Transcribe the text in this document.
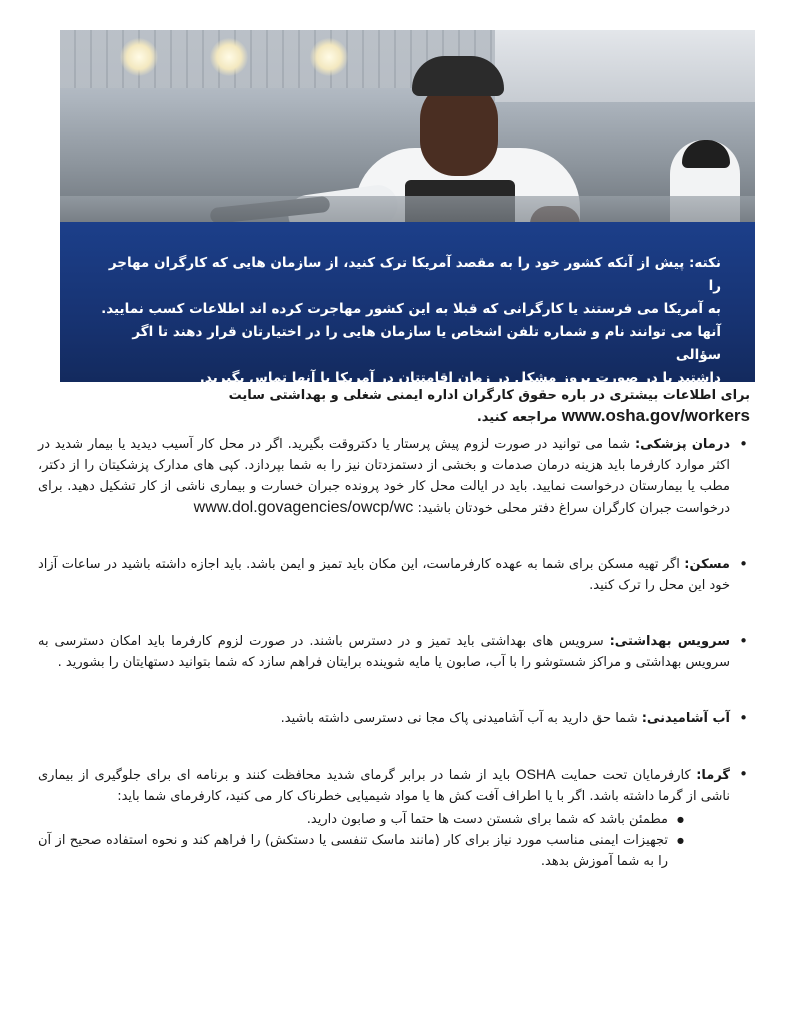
نکته: پیش از آنکه کشور خود را به مقصد آمریکا ترک کنید، از سازمان هایی که کارگران مهاجر را
به آمریکا می فرستند یا کارگرانی که قبلا به این کشور مهاجرت کرده اند اطلاعات کسب نمایید.
آنها می توانند نام و شماره تلفن اشخاص یا سازمان هایی را در اختیارتان قرار دهند تا اگر سؤالی
داشتید یا در صورت بروز مشکل در زمان اقامتتان در آمریکا با آنها تماس بگیرید.
برای اطلاعات بیشتری در باره حقوق کارگران اداره ایمنی شغلی و بهداشتی سایت www.osha.gov/workers مراجعه کنید.
• درمان پزشکی: شما می توانید در صورت لزوم پیش پرستار یا دکتروقت بگیرید. اگر در محل کار آسیب دیدید یا بیمار شدید در اکثر موارد کارفرما باید هزینه درمان صدمات و بخشی از دستمزدتان نیز را به شما بپردازد. کپی های مدارک پزشکیتان را از دکتر، مطب یا بیمارستان درخواست نمایید. باید در ایالت محل کار خود پرونده جبران خسارت و بیماری ناشی از کار تشکیل دهید. برای درخواست جبران کارگران سراغ دفتر محلی خودتان باشید: www.dol.govagencies/owcp/wc
• مسکن: اگر تهیه مسکن برای شما به عهده کارفرماست، این مکان باید تمیز و ایمن باشد. باید اجازه داشته باشید در ساعات آزاد خود این محل را ترک کنید.
• سرویس بهداشتی: سرویس های بهداشتی باید تمیز و در دسترس باشند. در صورت لزوم کارفرما باید امکان دسترسی به سرویس بهداشتی و مراکز شستوشو را با آب، صابون یا مایه شوینده برایتان فراهم سازد که شما بتوانید دستهایتان را بشورید .
• آب آشامیدنی: شما حق دارید به آب آشامیدنی پاک مجا نی دسترسی داشته باشید.
• گرما: کارفرمایان تحت حمایت OSHA باید از شما در برابر گرمای شدید محافظت کنند و برنامه ای برای جلوگیری از بیماری ناشی از گرما داشته باشد. اگر با یا اطراف آفت کش ها یا مواد شیمیایی خطرناک کار می کنید، کارفرمای شما باید:
● مطمئن باشد که شما برای شستن دست ها حتما آب و صابون دارید.
● تجهیزات ایمنی مناسب مورد نیاز برای کار (مانند ماسک تنفسی یا دستکش) را فراهم کند و نحوه استفاده صحیح از آن را به شما آموزش بدهد.
